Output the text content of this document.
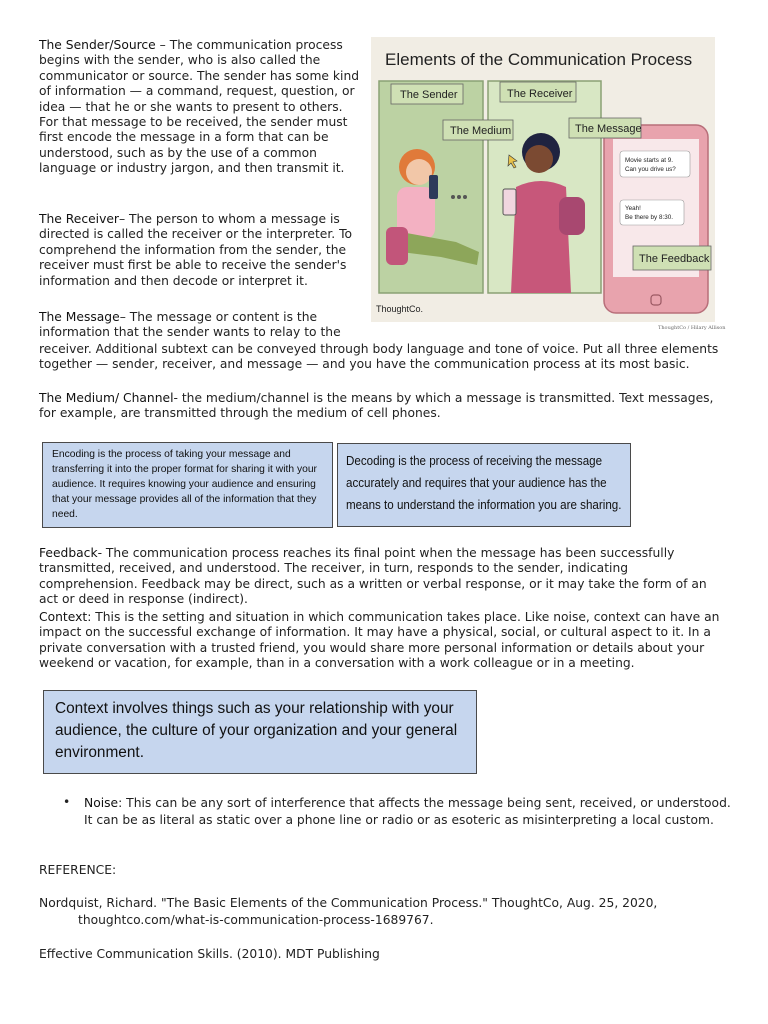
The Sender/Source – The communication process begins with the sender, who is also called the communicator or source. The sender has some kind of information — a command, request, question, or idea — that he or she wants to present to others. For that message to be received, the sender must first encode the message in a form that can be understood, such as by the use of a common language or industry jargon, and then transmit it.

The Receiver– The person to whom a message is directed is called the receiver or the interpreter. To comprehend the information from the sender, the receiver must first be able to receive the sender's information and then decode or interpret it.

The Message– The message or content is the information that the sender wants to relay to the

receiver. Additional subtext can be conveyed through body language and tone of voice. Put all three elements together — sender, receiver, and message — and you have the communication process at its most basic.

The Medium/ Channel- the medium/channel is the means by which a message is transmitted. Text messages, for example, are transmitted through the medium of cell phones.

Elements of the Communication Process
Movie starts at 9.
Can you drive us?
Yeah!
Be there by 8:30.
The Sender	The Receiver
The Medium	The Message
The Feedback
ThoughtCo.
ThoughtCo / Hilary Allison
Encoding is the process of taking your message and transferring it into the proper format for sharing it with your audience. It requires knowing your audience and ensuring that your message provides all of the information that they need.
Decoding is the process of receiving the message
accurately and requires that your audience has the
means to understand the information you are sharing.

Feedback- The communication process reaches its final point when the message has been successfully transmitted, received, and understood. The receiver, in turn, responds to the sender, indicating comprehension. Feedback may be direct, such as a written or verbal response, or it may take the form of an act or deed in response (indirect).

Context: This is the setting and situation in which communication takes place. Like noise, context can have an impact on the successful exchange of information. It may have a physical, social, or cultural aspect to it. In a private conversation with a trusted friend, you would share more personal information or details about your weekend or vacation, for example, than in a conversation with a work colleague or in a meeting.

Context involves things such as your relationship with your audience, the culture of your organization and your general environment.
• Noise: This can be any sort of interference that affects the message being sent, received, or understood. It can be as literal as static over a phone line or radio or as esoteric as misinterpreting a local custom.

REFERENCE:

Nordquist, Richard. "The Basic Elements of the Communication Process." ThoughtCo, Aug. 25, 2020,

thoughtco.com/what-is-communication-process-1689767.

Effective Communication Skills. (2010). MDT Publishing
